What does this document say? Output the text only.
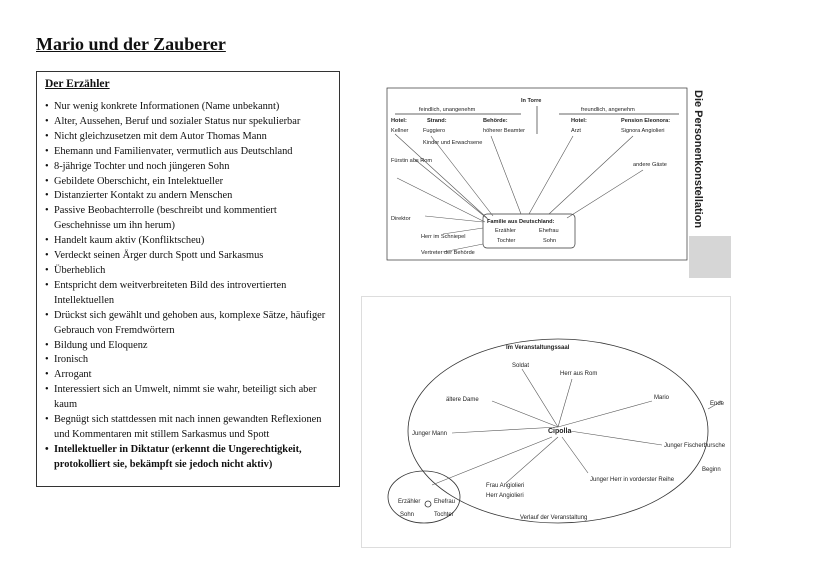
Mario und der Zauberer
Der Erzähler
• Nur wenig konkrete Informationen (Name unbekannt)
• Alter, Aussehen, Beruf und sozialer Status nur spekulierbar
• Nicht gleichzusetzen mit dem Autor Thomas Mann
• Ehemann und Familienvater, vermutlich aus Deutschland
• 8-jährige Tochter und noch jüngeren Sohn
• Gebildete Oberschicht, ein Intelektueller
• Distanzierter Kontakt zu andern Menschen
• Passive Beobachterrolle (beschreibt und kommentiert Geschehnisse um ihn herum)
• Handelt kaum aktiv (Konfliktscheu)
• Verdeckt seinen Ärger durch Spott und Sarkasmus
• Überheblich
• Entspricht dem weitverbreiteten Bild des introvertierten Intellektuellen
• Drückst sich gewählt und gehoben aus, komplexe Sätze, häufiger Gebrauch von Fremdwörtern
• Bildung und Eloquenz
• Ironisch
• Arrogant
• Interessiert sich an Umwelt, nimmt sie wahr, beteiligt sich aber kaum
• Begnügt sich stattdessen mit nach innen gewandten Reflexionen und Kommentaren mit stillem Sarkasmus und Spott
• Intellektueller in Diktatur (erkennt die Ungerechtigkeit, protokolliert sie, bekämpft sie jedoch nicht aktiv)
In Torre
feindlich, unangenehm	freundlich, angenehm
Hotel:	Strand:	Behörde:	Hotel:	Pension Eleonora:
Kellner	Fuggiero	höherer Beamter	Arzt	Signora Angiolieri
Kinder und Erwachsene
Fürstin aus Rom
Direktor
andere Gäste
Herr im Schniepel
Vertreter der Behörde
Familie aus Deutschland:
Erzähler	Ehefrau
Tochter	Sohn
Die Personenkonstellation
Im Veranstaltungssaal
Soldat
Herr aus Rom
ältere Dame	Mario
Ende
Junger Mann	Cipolla
Junger Fischerbursche
Beginn
Frau Angiolieri
Herr Angiolieri
Junger Herr in vorderster Reihe
Erzähler Ehefrau
Sohn	Tochter	Verlauf der Veranstaltung
